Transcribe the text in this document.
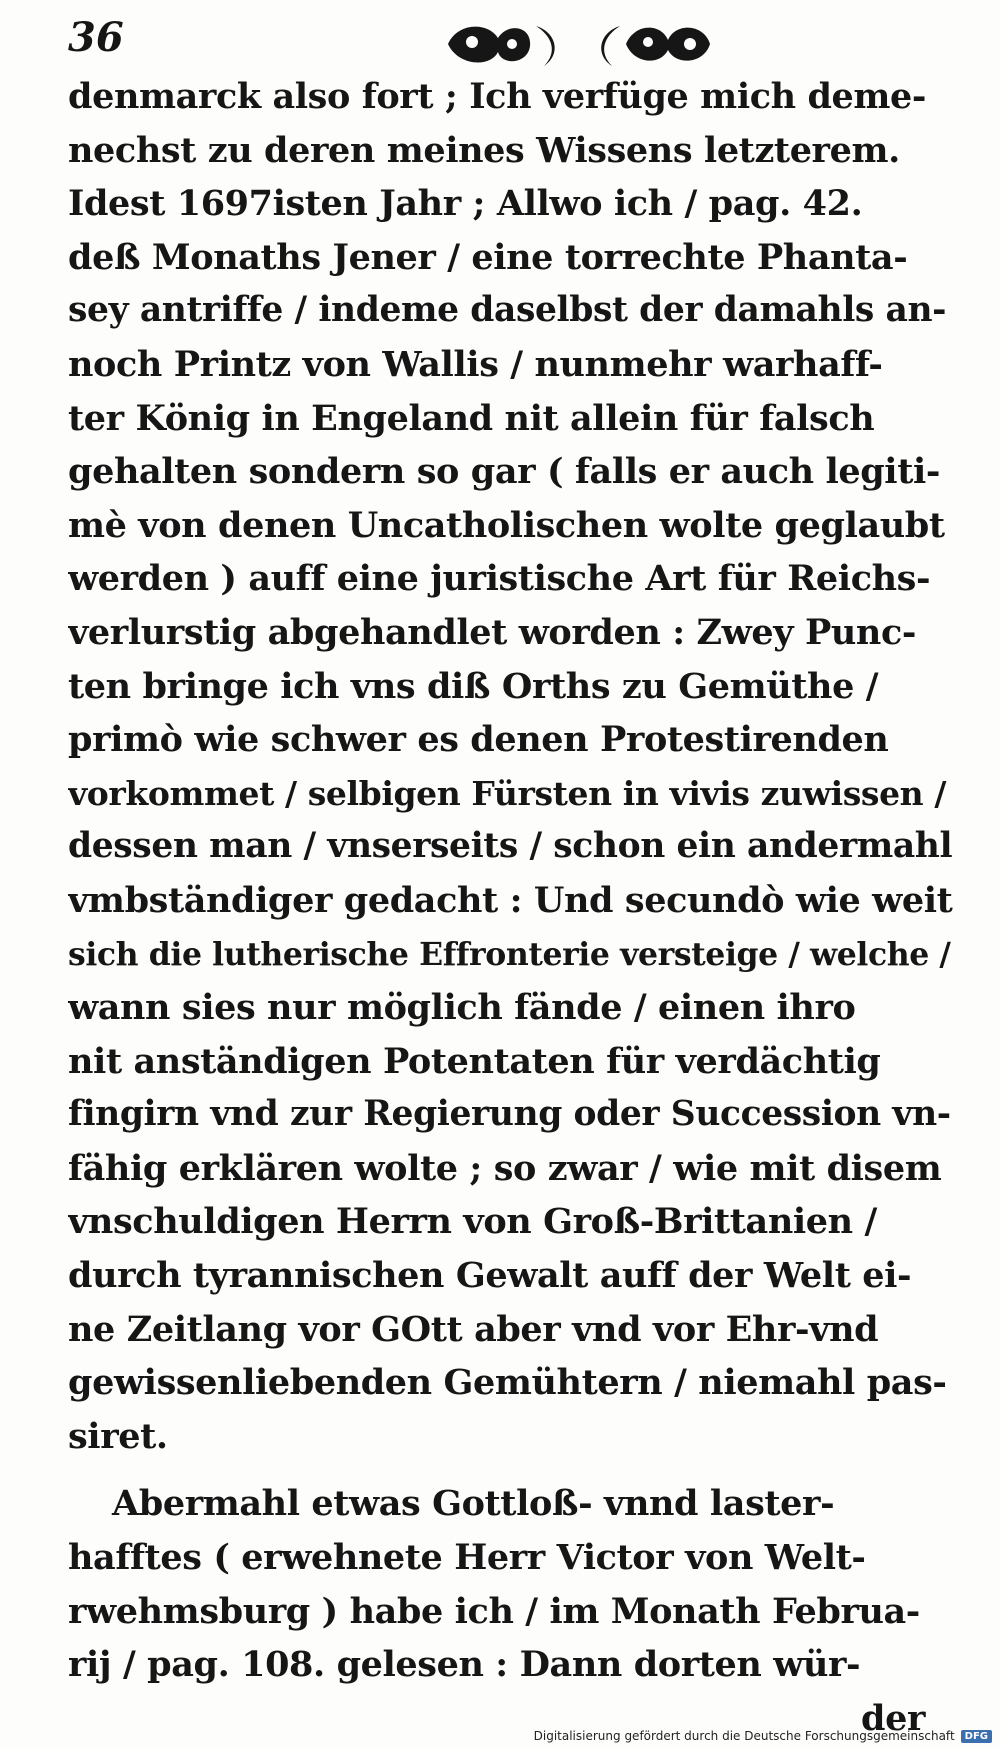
36
denmarck also fort ; Ich verfüge mich deme-
nechst zu deren meines Wissens letzterem.
Idest 1697isten Jahr ; Allwo ich / pag. 42.
deß Monaths Jener / eine torrechte Phanta-
sey antriffe / indeme daselbst der damahls an-
noch Printz von Wallis / nunmehr warhaff-
ter König in Engeland nit allein für falsch
gehalten sondern so gar ( falls er auch legiti-
mè von denen Uncatholischen wolte geglaubt
werden ) auff eine juristische Art für Reichs-
verlurstig abgehandlet worden : Zwey Punc-
ten bringe ich vns diß Orths zu Gemüthe /
primò wie schwer es denen Protestirenden
vorkommet / selbigen Fürsten in vivis zuwissen /
dessen man / vnserseits / schon ein andermahl
vmbständiger gedacht : Und secundò wie weit
sich die lutherische Effronterie versteige / welche /
wann sies nur möglich fände / einen ihro
nit anständigen Potentaten für verdächtig
fingirn vnd zur Regierung oder Succession vn-
fähig erklären wolte ; so zwar / wie mit disem
vnschuldigen Herrn von Groß-Brittanien /
durch tyrannischen Gewalt auff der Welt ei-
ne Zeitlang vor GOtt aber vnd vor Ehr-vnd
gewissenliebenden Gemühtern / niemahl pas-
siret.
Abermahl etwas Gottloß- vnnd laster-
hafftes ( erwehnete Herr Victor von Welt-
rwehmsburg ) habe ich / im Monath Februa-
rij / pag. 108. gelesen : Dann dorten wür-
der
Digitalisierung gefördert durch die Deutsche Forschungsgemeinschaft	DFG
